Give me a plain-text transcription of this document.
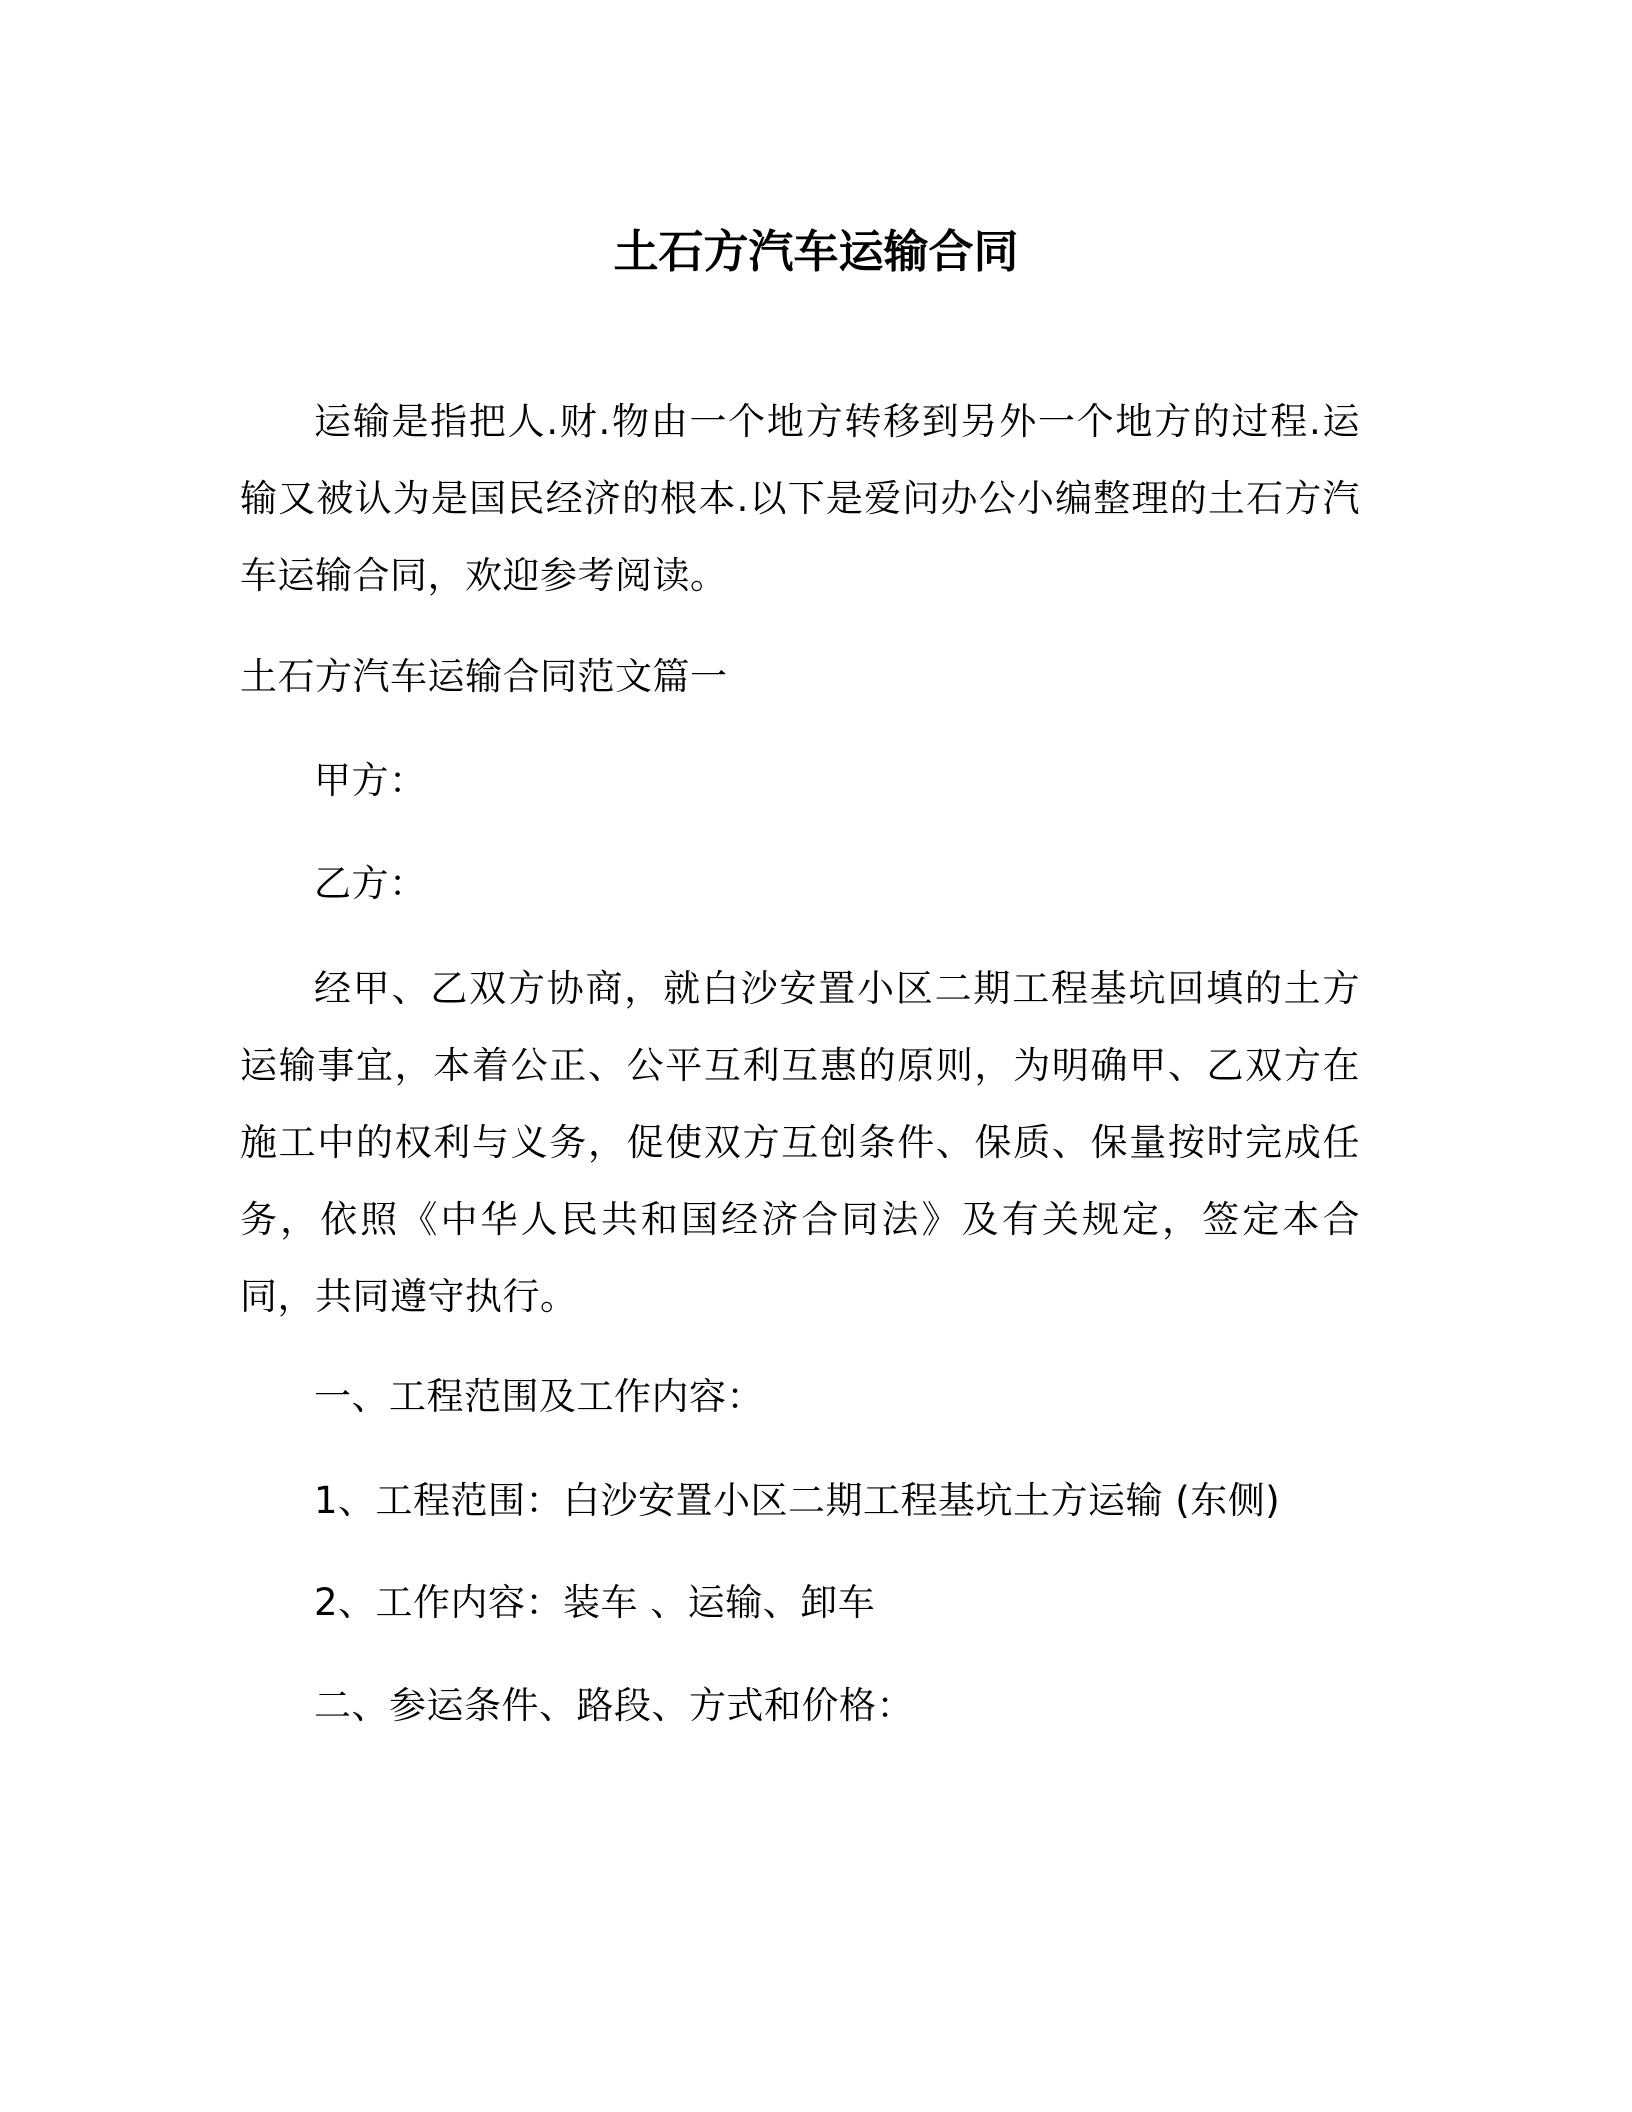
土石方汽车运输合同
运输是指把人.财.物由一个地方转移到另外一个地方的过程.运输又被认为是国民经济的根本.以下是爱问办公小编整理的土石方汽车运输合同，欢迎参考阅读。
土石方汽车运输合同范文篇一
甲方：
乙方：
经甲、乙双方协商，就白沙安置小区二期工程基坑回填的土方运输事宜，本着公正、公平互利互惠的原则，为明确甲、乙双方在施工中的权利与义务，促使双方互创条件、保质、保量按时完成任务，依照《中华人民共和国经济合同法》及有关规定，签定本合同，共同遵守执行。
一、工程范围及工作内容：
1、工程范围：白沙安置小区二期工程基坑土方运输 (东侧)
2、工作内容：装车 、运输、卸车
二、参运条件、路段、方式和价格：
